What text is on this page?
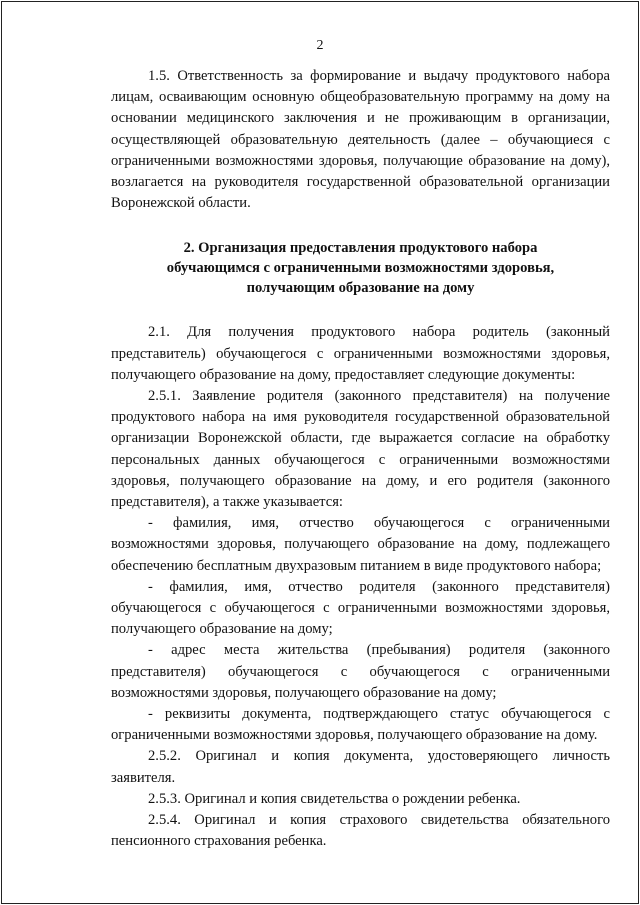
2

1.5. Ответственность за формирование и выдачу продуктового набора лицам, осваивающим основную общеобразовательную программу на дому на основании медицинского заключения и не проживающим в организации, осуществляющей образовательную деятельность (далее – обучающиеся с ограниченными возможностями здоровья, получающие образование на дому), возлагается на руководителя государственной образовательной организации Воронежской области.

2. Организация предоставления продуктового набора
обучающимся с ограниченными возможностями здоровья,
получающим образование на дому

2.1. Для получения продуктового набора родитель (законный представитель) обучающегося с ограниченными возможностями здоровья, получающего образование на дому, предоставляет следующие документы:

2.5.1. Заявление родителя (законного представителя) на получение продуктового набора на имя руководителя государственной образовательной организации Воронежской области, где выражается согласие на обработку персональных данных обучающегося с ограниченными возможностями здоровья, получающего образование на дому, и его родителя (законного представителя), а также указывается:

- фамилия, имя, отчество обучающегося с ограниченными возможностями здоровья, получающего образование на дому, подлежащего обеспечению бесплатным двухразовым питанием в виде продуктового набора;

- фамилия, имя, отчество родителя (законного представителя) обучающегося с обучающегося с ограниченными возможностями здоровья, получающего образование на дому;

- адрес места жительства (пребывания) родителя (законного представителя) обучающегося с обучающегося с ограниченными возможностями здоровья, получающего образование на дому;

- реквизиты документа, подтверждающего статус обучающегося с ограниченными возможностями здоровья, получающего образование на дому.

2.5.2. Оригинал и копия документа, удостоверяющего личность заявителя.

2.5.3. Оригинал и копия свидетельства о рождении ребенка.

2.5.4. Оригинал и копия страхового свидетельства обязательного пенсионного страхования ребенка.
